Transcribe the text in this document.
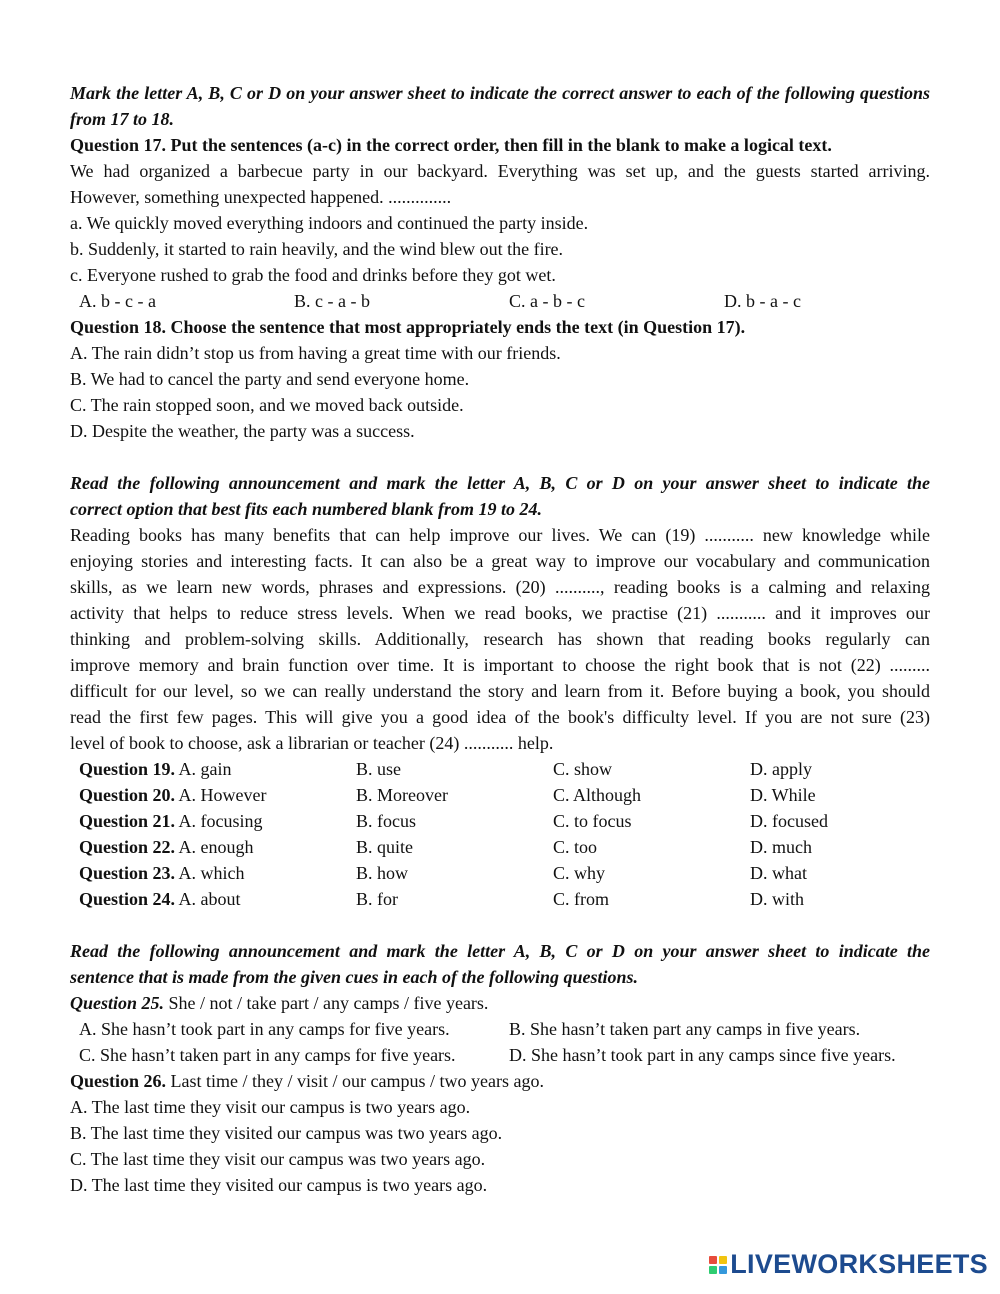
Mark the letter A, B, C or D on your answer sheet to indicate the correct answer to each of the following questions from 17 to 18.
Question 17. Put the sentences (a-c) in the correct order, then fill in the blank to make a logical text.
We had organized a barbecue party in our backyard. Everything was set up, and the guests started arriving.
However, something unexpected happened. ..............
a. We quickly moved everything indoors and continued the party inside.
b. Suddenly, it started to rain heavily, and the wind blew out the fire.
c. Everyone rushed to grab the food and drinks before they got wet.
A. b - c - a	B. c - a - b	C. a - b - c	D. b - a - c
Question 18. Choose the sentence that most appropriately ends the text (in Question 17).
A. The rain didn’t stop us from having a great time with our friends.
B. We had to cancel the party and send everyone home.
C. The rain stopped soon, and we moved back outside.
D. Despite the weather, the party was a success.
Read the following announcement and mark the letter A, B, C or D on your answer sheet to indicate the
correct option that best fits each numbered blank from 19 to 24.
Reading books has many benefits that can help improve our lives. We can (19) ........... new knowledge while
enjoying stories and interesting facts. It can also be a great way to improve our vocabulary and communication
skills, as we learn new words, phrases and expressions. (20) .........., reading books is a calming and relaxing
activity that helps to reduce stress levels. When we read books, we practise (21) ........... and it improves our
thinking and problem-solving skills. Additionally, research has shown that reading books regularly can
improve memory and brain function over time. It is important to choose the right book that is not (22) .........
difficult for our level, so we can really understand the story and learn from it. Before buying a book, you should
read the first few pages. This will give you a good idea of the book's difficulty level. If you are not sure (23)
level of book to choose, ask a librarian or teacher (24) ........... help.
Question 19. A. gain	B. use	C. show	D. apply
Question 20. A. However	B. Moreover	C. Although	D. While
Question 21. A. focusing	B. focus	C. to focus	D. focused
Question 22. A. enough	B. quite	C. too	D. much
Question 23. A. which	B. how	C. why	D. what
Question 24. A. about	B. for	C. from	D. with
Read the following announcement and mark the letter A, B, C or D on your answer sheet to indicate the
sentence that is made from the given cues in each of the following questions.
Question 25. She / not / take part / any camps / five years.
A. She hasn’t took part in any camps for five years.	B. She hasn’t taken part any camps in five years.
C. She hasn’t taken part in any camps for five years.	D. She hasn’t took part in any camps since five years.
Question 26. Last time / they / visit / our campus / two years ago.
A. The last time they visit our campus is two years ago.
B. The last time they visited our campus was two years ago.
C. The last time they visit our campus was two years ago.
D. The last time they visited our campus is two years ago.
LIVEWORKSHEETS
